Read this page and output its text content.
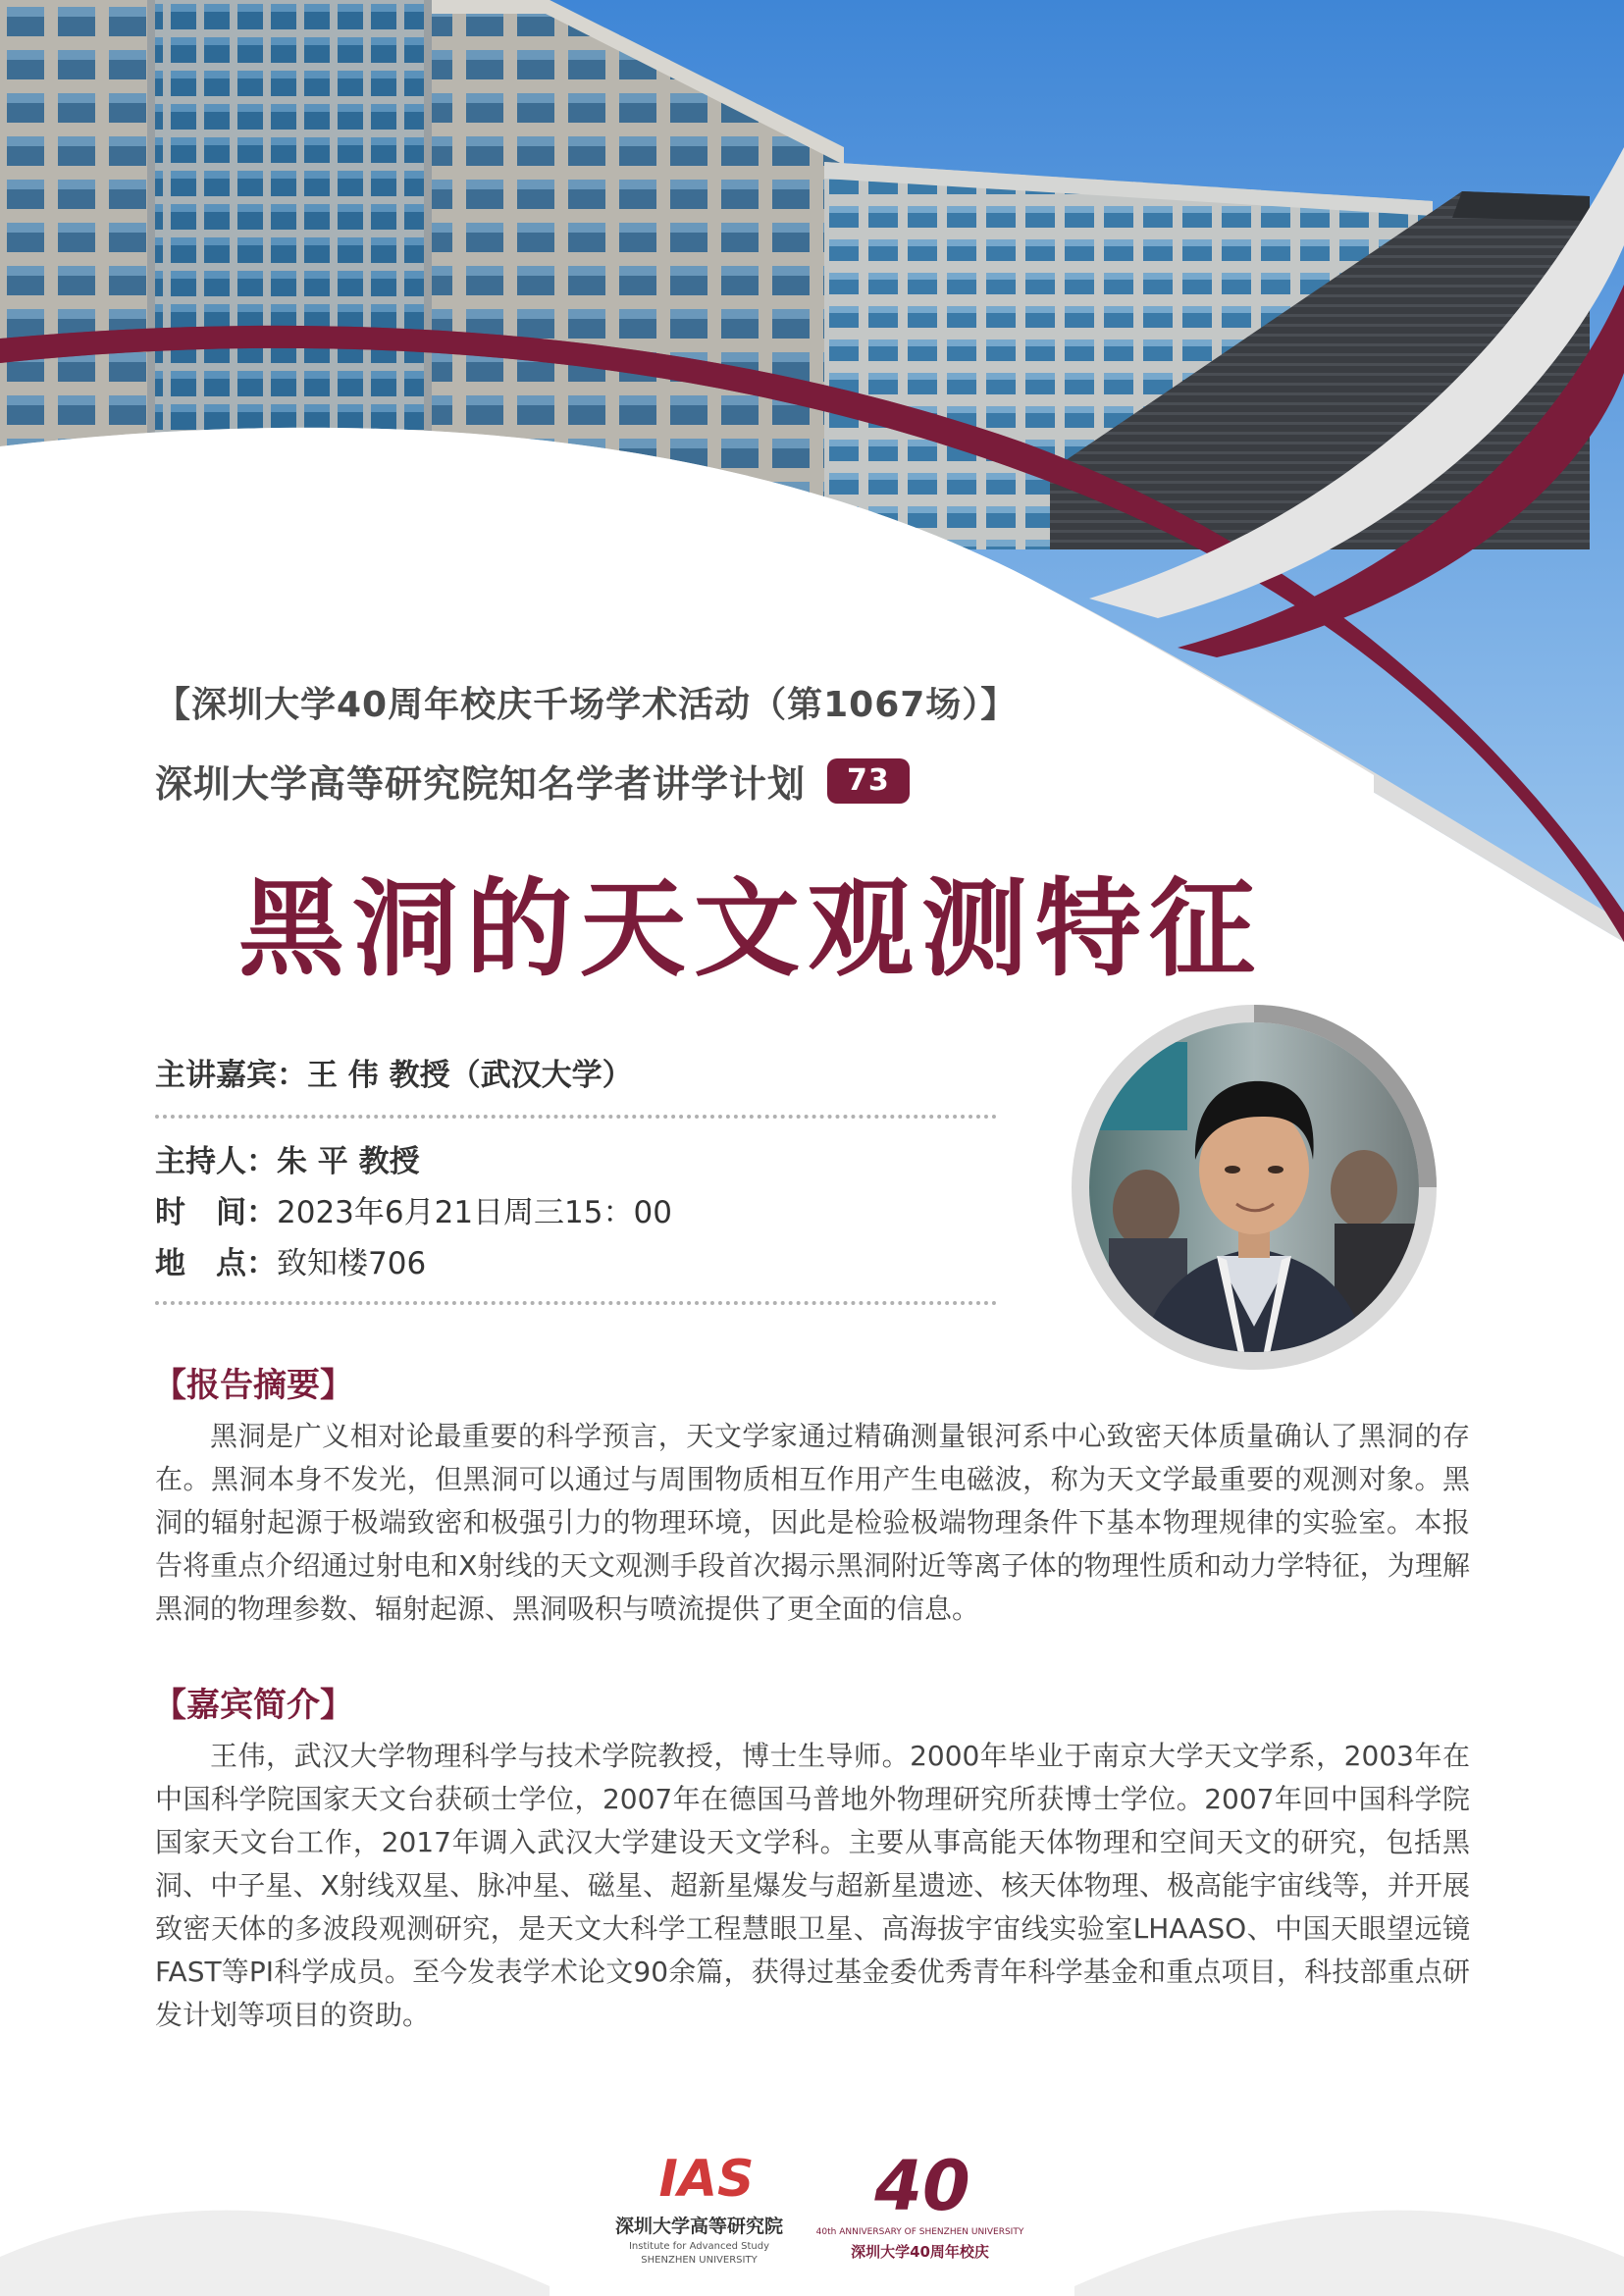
【深圳大学40周年校庆千场学术活动（第1067场）】
深圳大学高等研究院知名学者讲学计划	73
黑洞的天文观测特征
主讲嘉宾：王 伟 教授（武汉大学）
主持人：朱 平 教授
时　间：2023年6月21日周三15：00
地　点：致知楼706
【报告摘要】
黑洞是广义相对论最重要的科学预言，天文学家通过精确测量银河系中心致密天体质量确认了黑洞的存在。黑洞本身不发光，但黑洞可以通过与周围物质相互作用产生电磁波，称为天文学最重要的观测对象。黑洞的辐射起源于极端致密和极强引力的物理环境，因此是检验极端物理条件下基本物理规律的实验室。本报告将重点介绍通过射电和X射线的天文观测手段首次揭示黑洞附近等离子体的物理性质和动力学特征，为理解黑洞的物理参数、辐射起源、黑洞吸积与喷流提供了更全面的信息。
【嘉宾简介】
王伟，武汉大学物理科学与技术学院教授，博士生导师。2000年毕业于南京大学天文学系，2003年在中国科学院国家天文台获硕士学位，2007年在德国马普地外物理研究所获博士学位。2007年回中国科学院国家天文台工作，2017年调入武汉大学建设天文学科。主要从事高能天体物理和空间天文的研究，包括黑洞、中子星、X射线双星、脉冲星、磁星、超新星爆发与超新星遗迹、核天体物理、极高能宇宙线等，并开展致密天体的多波段观测研究，是天文大科学工程慧眼卫星、高海拔宇宙线实验室LHAASO、中国天眼望远镜FAST等PI科学成员。至今发表学术论文90余篇，获得过基金委优秀青年科学基金和重点项目，科技部重点研发计划等项目的资助。
IAS
深圳大学高等研究院
Institute for Advanced Study
SHENZHEN UNIVERSITY
40
40th ANNIVERSARY OF SHENZHEN UNIVERSITY
深圳大学40周年校庆
